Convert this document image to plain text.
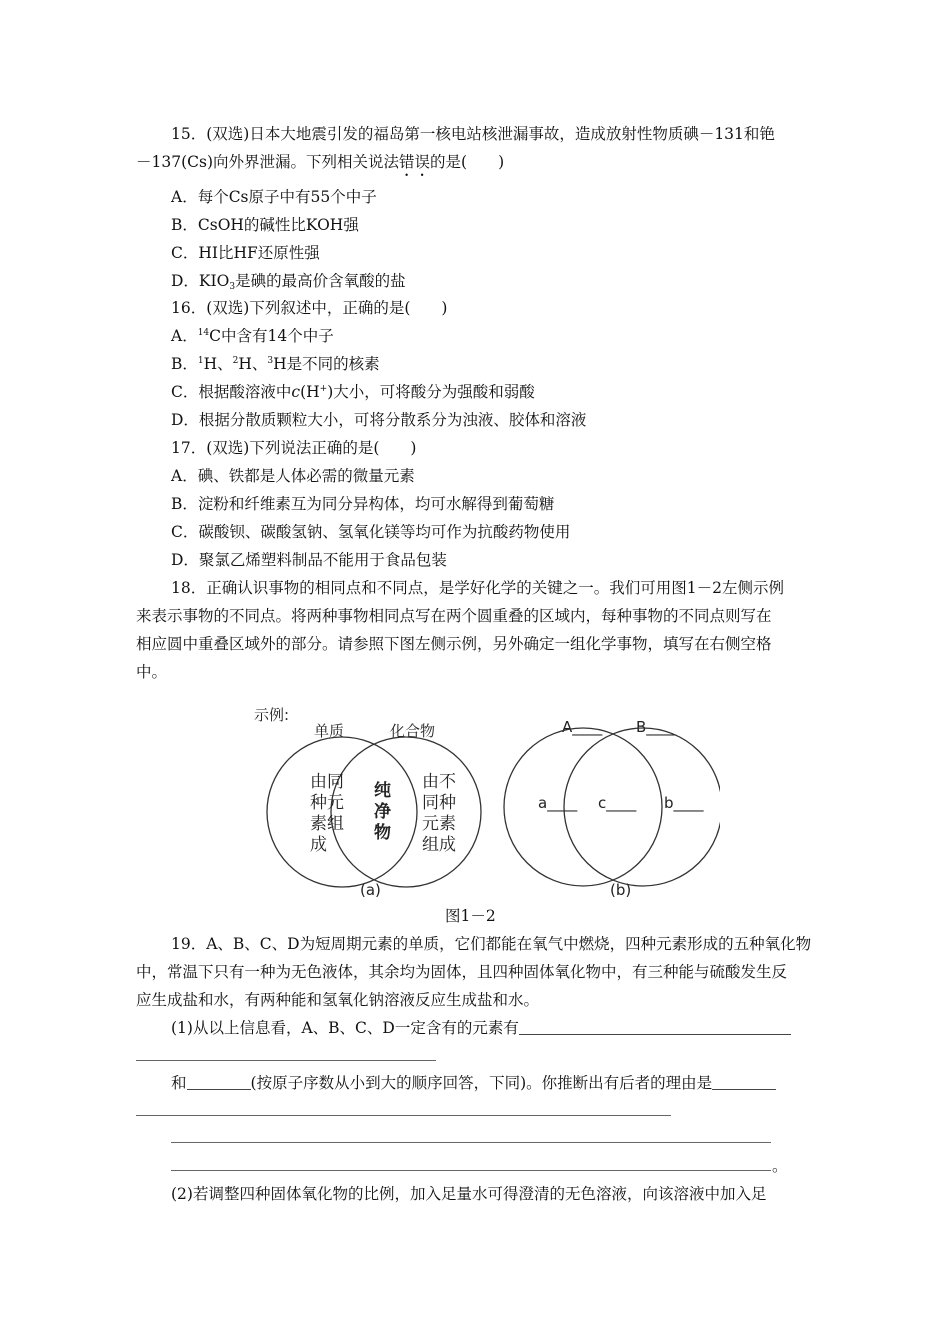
15．(双选)日本大地震引发的福岛第一核电站核泄漏事故，造成放射性物质碘－131和铯
－137(Cs)向外界泄漏。下列相关说法错误的是(　　)
A．每个Cs原子中有55个中子
B．CsOH的碱性比KOH强
C．HI比HF还原性强
D．$KIO_3$是碘的最高价含氧酸的盐
16．(双选)下列叙述中，正确的是(　　)
A．$^{14}$C中含有14个中子
B．$^1$H、$^2$H、$^3$H是不同的核素
C．根据酸溶液中c(H+)大小，可将酸分为强酸和弱酸
D．根据分散质颗粒大小，可将分散系分为浊液、胶体和溶液
17．(双选)下列说法正确的是(　　)
A．碘、铁都是人体必需的微量元素
B．淀粉和纤维素互为同分异构体，均可水解得到葡萄糖
C．碳酸钡、碳酸氢钠、氢氧化镁等均可作为抗酸药物使用
D．聚氯乙烯塑料制品不能用于食品包装
18．正确认识事物的相同点和不同点，是学好化学的关键之一。我们可用图1－2左侧示例
来表示事物的不同点。将两种事物相同点写在两个圆重叠的区域内，每种事物的不同点则写在
相应圆中重叠区域外的部分。请参照下图左侧示例，另外确定一组化学事物，填写在右侧空格
中。
示例:
单质	化合物
由同
种元
素组
成
纯
净
物
由不
同种
元素
组成
(a)
A____ B____
a____ c____ b____
(b)
图1－2
19．A、B、C、D为短周期元素的单质，它们都能在氧气中燃烧，四种元素形成的五种氧化物
中，常温下只有一种为无色液体，其余均为固体，且四种固体氧化物中，有三种能与硫酸发生反
应生成盐和水，有两种能和氢氧化钠溶液反应生成盐和水。
(1)从以上信息看，A、B、C、D一定含有的元素有
和	(按原子序数从小到大的顺序回答，下同)。你推断出有后者的理由是
。
(2)若调整四种固体氧化物的比例，加入足量水可得澄清的无色溶液，向该溶液中加入足
